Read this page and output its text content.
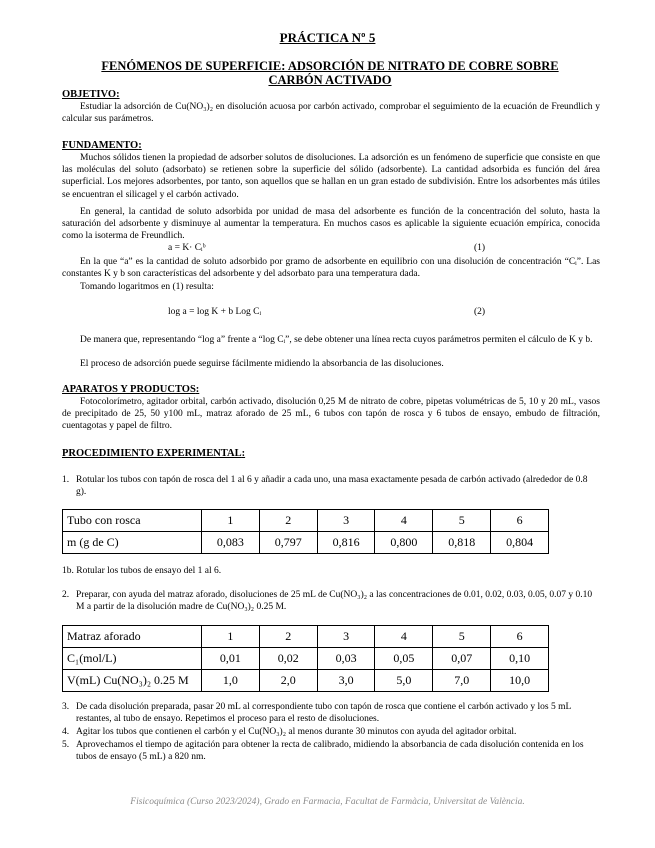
PRÁCTICA Nº 5
FENÓMENOS DE SUPERFICIE: ADSORCIÓN DE NITRATO DE COBRE SOBRE CARBÓN ACTIVADO
OBJETIVO:
Estudiar la adsorción de Cu(NO₃)₂ en disolución acuosa por carbón activado, comprobar el seguimiento de la ecuación de Freundlich y calcular sus parámetros.
FUNDAMENTO:
Muchos sólidos tienen la propiedad de adsorber solutos de disoluciones. La adsorción es un fenómeno de superficie que consiste en que las moléculas del soluto (adsorbato) se retienen sobre la superficie del sólido (adsorbente). La cantidad adsorbida es función del área superficial. Los mejores adsorbentes, por tanto, son aquellos que se hallan en un gran estado de subdivisión. Entre los adsorbentes más útiles se encuentran el silicagel y el carbón activado.
En general, la cantidad de soluto adsorbida por unidad de masa del adsorbente es función de la concentración del soluto, hasta la saturación del adsorbente y disminuye al aumentar la temperatura. En muchos casos es aplicable la siguiente ecuación empírica, conocida como la isoterma de Freundlich.
a = K· Cᵢᵇ	(1)
En la que “a” es la cantidad de soluto adsorbido por gramo de adsorbente en equilibrio con una disolución de concentración “Cᵢ”. Las constantes K y b son características del adsorbente y del adsorbato para una temperatura dada.
Tomando logaritmos en (1) resulta:
log a = log K + b Log Cᵢ	(2)
De manera que, representando “log a” frente a “log Cᵢ”, se debe obtener una línea recta cuyos parámetros permiten el cálculo de K y b.
El proceso de adsorción puede seguirse fácilmente midiendo la absorbancia de las disoluciones.
APARATOS Y PRODUCTOS:
Fotocolorímetro, agitador orbital, carbón activado, disolución 0,25 M de nitrato de cobre, pipetas volumétricas de 5, 10 y 20 mL, vasos de precipitado de 25, 50 y100 mL, matraz aforado de 25 mL, 6 tubos con tapón de rosca y 6 tubos de ensayo, embudo de filtración, cuentagotas y papel de filtro.
PROCEDIMIENTO EXPERIMENTAL:
1. Rotular los tubos con tapón de rosca del 1 al 6 y añadir a cada uno, una masa exactamente pesada de carbón activado (alrededor de 0.8 g).
Tubo con rosca	1	2	3	4	5	6
m (g de C)	0,083	0,797	0,816	0,800	0,818	0,804
1b. Rotular los tubos de ensayo del 1 al 6.
2. Preparar, con ayuda del matraz aforado, disoluciones de 25 mL de Cu(NO₃)₂ a las concentraciones de 0.01, 0.02, 0.03, 0.05, 0.07 y 0.10 M a partir de la disolución madre de Cu(NO₃)₂ 0.25 M.
Matraz aforado	1	2	3	4	5	6
C₁(mol/L)	0,01	0,02	0,03	0,05	0,07	0,10
V(mL) Cu(NO₃)₂ 0.25 M	1,0	2,0	3,0	5,0	7,0	10,0
3. De cada disolución preparada, pasar 20 mL al correspondiente tubo con tapón de rosca que contiene el carbón activado y los 5 mL restantes, al tubo de ensayo. Repetimos el proceso para el resto de disoluciones.
4. Agitar los tubos que contienen el carbón y el Cu(NO₃)₂ al menos durante 30 minutos con ayuda del agitador orbital.
5. Aprovechamos el tiempo de agitación para obtener la recta de calibrado, midiendo la absorbancia de cada disolución contenida en los tubos de ensayo (5 mL) a 820 nm.
Fisicoquímica (Curso 2023/2024), Grado en Farmacia, Facultat de Farmàcia, Universitat de València.
